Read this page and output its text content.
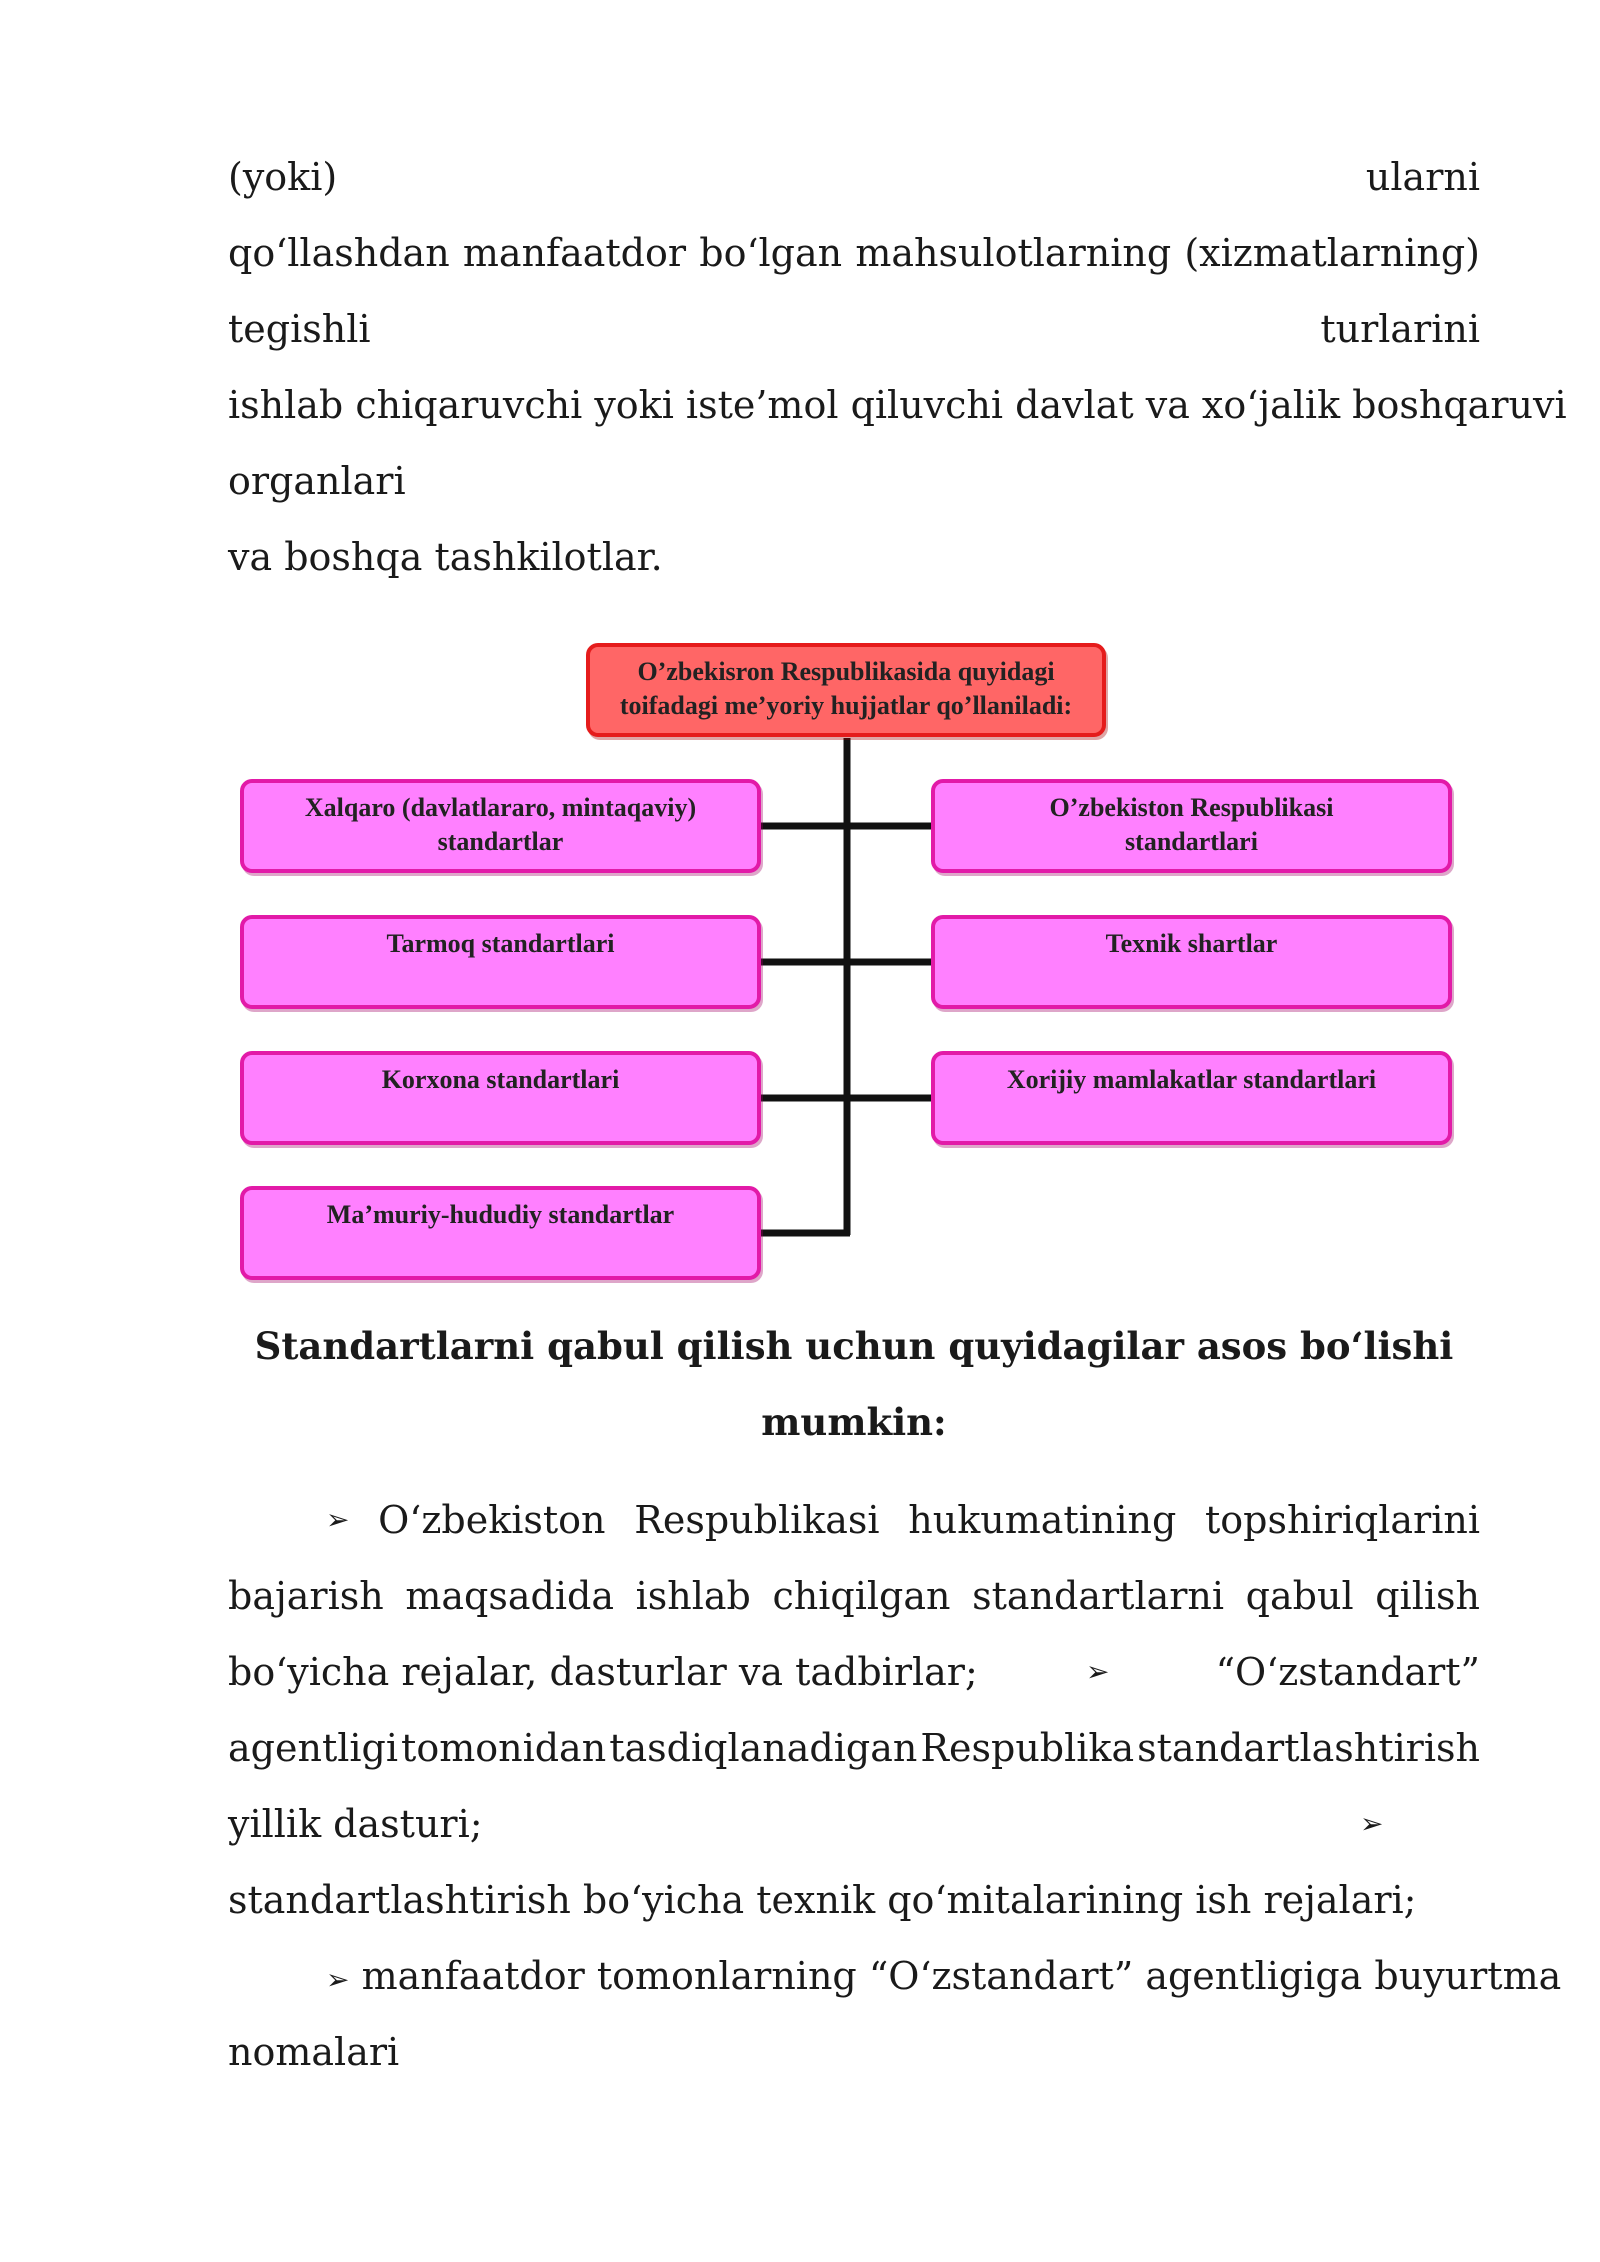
(yoki)	ularni
qo‘llashdan manfaatdor bo‘lgan mahsulotlarning (xizmatlarning)
tegishli	turlarini
ishlab chiqaruvchi yoki iste’mol qiluvchi davlat va xo‘jalik boshqaruvi
organlari
va boshqa tashkilotlar.
O’zbekisron Respublikasida quyidagi
toifadagi me’yoriy hujjatlar qo’llaniladi:
Xalqaro (davlatlararo, mintaqaviy)
standartlar
Tarmoq standartlari
Korxona standartlari
Ma’muriy-hududiy standartlar
O’zbekiston Respublikasi
standartlari
Texnik shartlar
Xorijiy mamlakatlar standartlari
Standartlarni qabul qilish uchun quyidagilar asos bo‘lishi
mumkin:
➢ O‘zbekiston Respublikasi hukumatining topshiriqlarini
bajarish maqsadida ishlab chiqilgan standartlarni qabul qilish
bo‘yicha rejalar, dasturlar va tadbirlar;	➢	“O‘zstandart”
agentligi tomonidan tasdiqlanadigan Respublika standartlashtirish
yillik dasturi;	➢
standartlashtirish bo‘yicha texnik qo‘mitalarining ish rejalari;
➢ manfaatdor tomonlarning “O‘zstandart” agentligiga buyurtma
nomalari
